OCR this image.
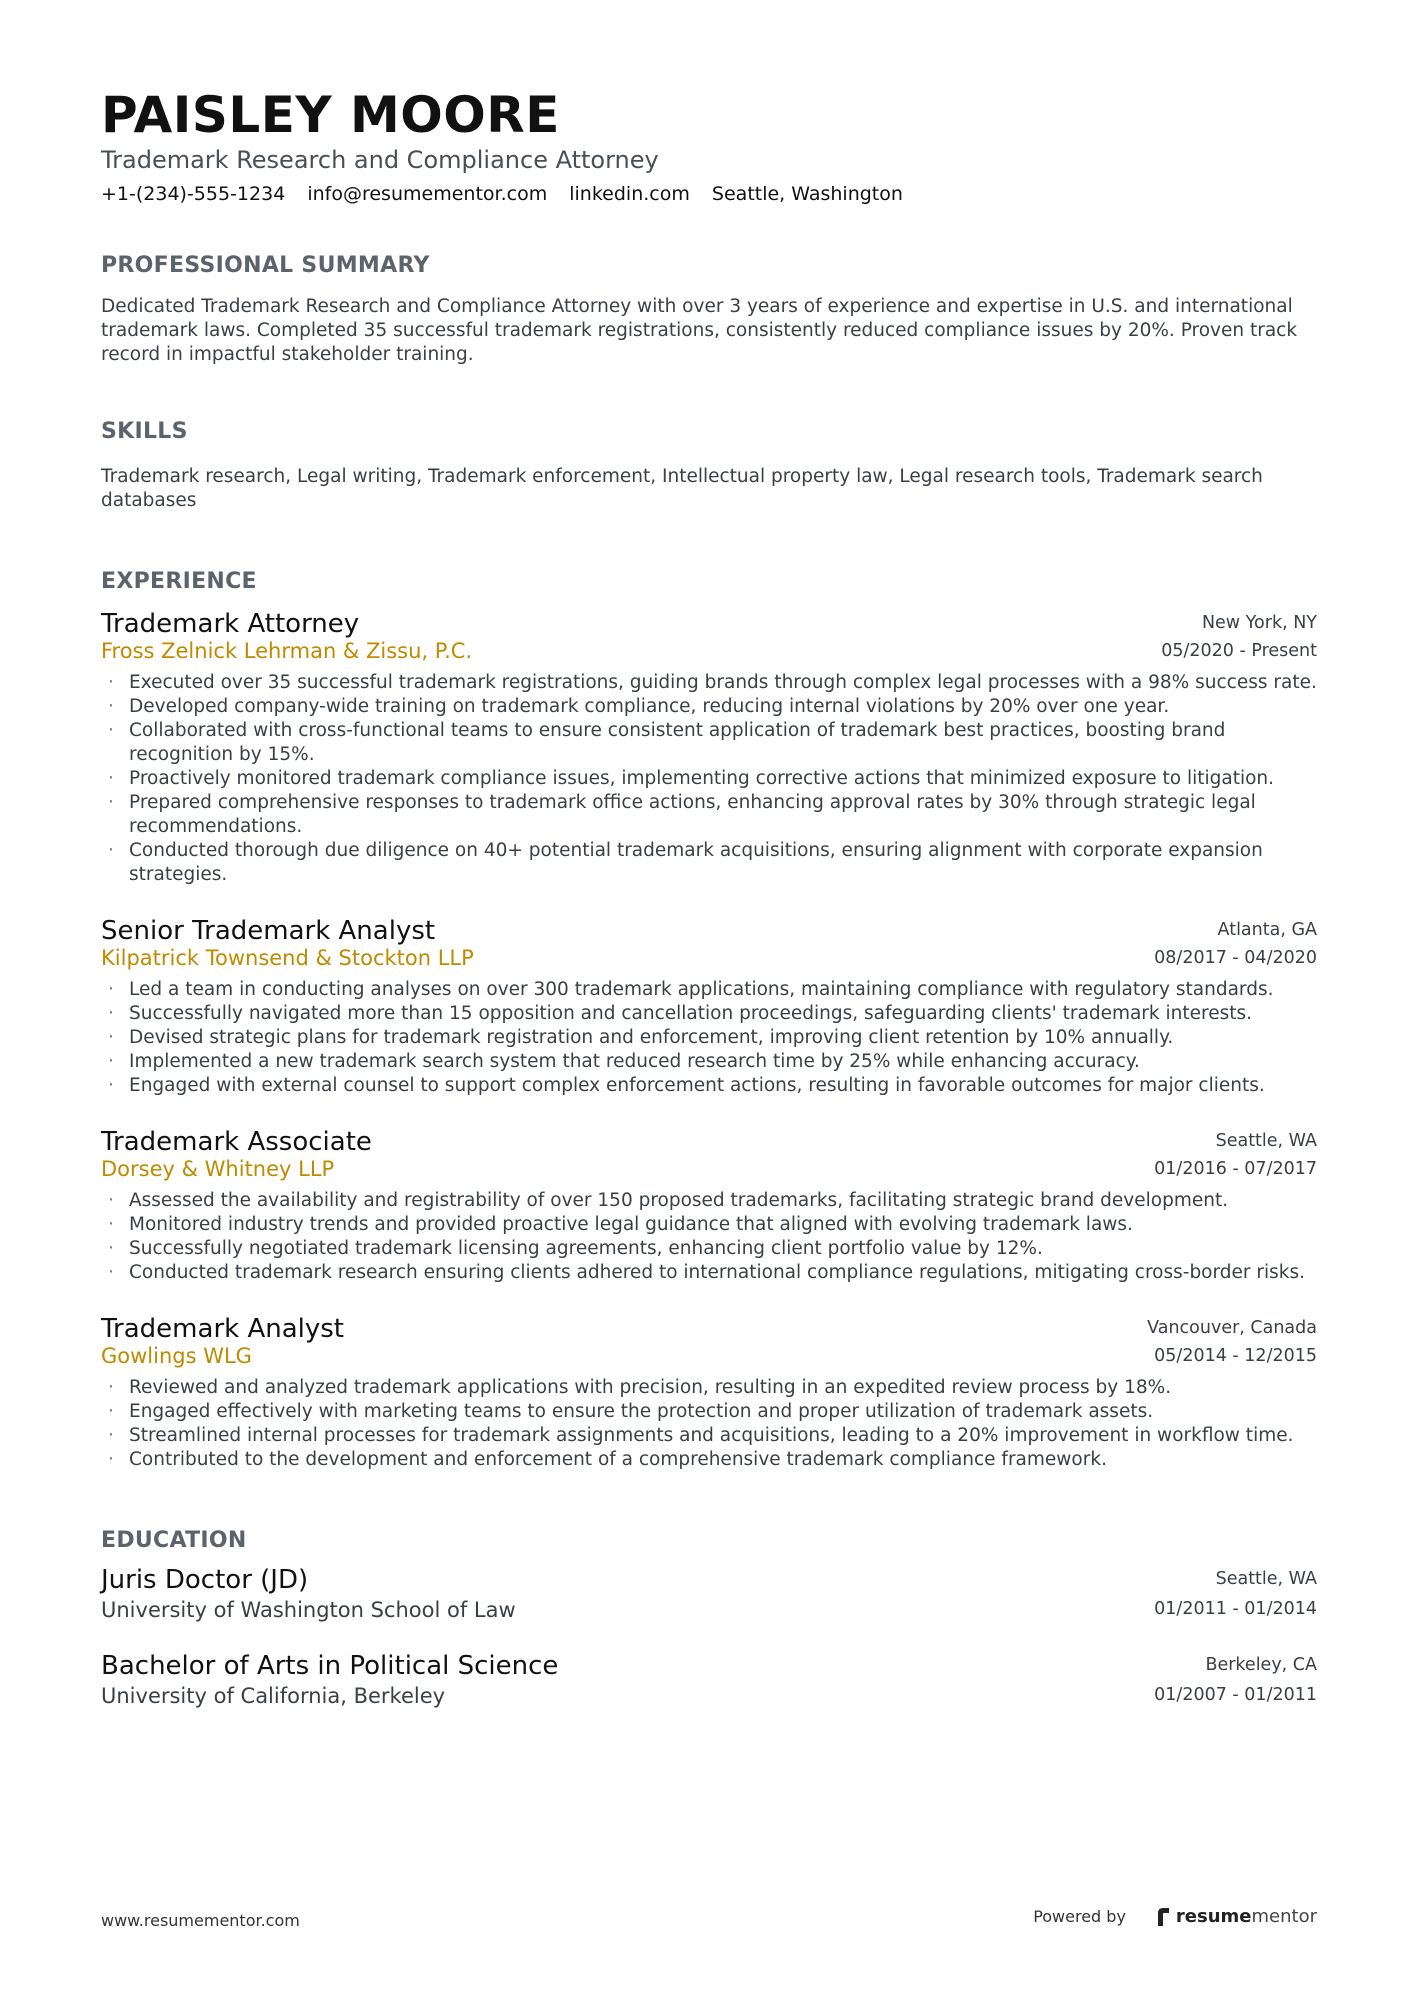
PAISLEY MOORE
Trademark Research and Compliance Attorney
+1-(234)-555-1234 info@resumementor.com linkedin.com Seattle, Washington
PROFESSIONAL SUMMARY
Dedicated Trademark Research and Compliance Attorney with over 3 years of experience and expertise in U.S. and international trademark laws. Completed 35 successful trademark registrations, consistently reduced compliance issues by 20%. Proven track record in impactful stakeholder training.
SKILLS
Trademark research, Legal writing, Trademark enforcement, Intellectual property law, Legal research tools, Trademark search databases
EXPERIENCE
Trademark Attorney	New York, NY
Fross Zelnick Lehrman & Zissu, P.C.	05/2020 - Present
· Executed over 35 successful trademark registrations, guiding brands through complex legal processes with a 98% success rate.
· Developed company-wide training on trademark compliance, reducing internal violations by 20% over one year.
· Collaborated with cross-functional teams to ensure consistent application of trademark best practices, boosting brand recognition by 15%.
· Proactively monitored trademark compliance issues, implementing corrective actions that minimized exposure to litigation.
· Prepared comprehensive responses to trademark office actions, enhancing approval rates by 30% through strategic legal recommendations.
· Conducted thorough due diligence on 40+ potential trademark acquisitions, ensuring alignment with corporate expansion strategies.
Senior Trademark Analyst	Atlanta, GA
Kilpatrick Townsend & Stockton LLP	08/2017 - 04/2020
· Led a team in conducting analyses on over 300 trademark applications, maintaining compliance with regulatory standards.
· Successfully navigated more than 15 opposition and cancellation proceedings, safeguarding clients' trademark interests.
· Devised strategic plans for trademark registration and enforcement, improving client retention by 10% annually.
· Implemented a new trademark search system that reduced research time by 25% while enhancing accuracy.
· Engaged with external counsel to support complex enforcement actions, resulting in favorable outcomes for major clients.
Trademark Associate	Seattle, WA
Dorsey & Whitney LLP	01/2016 - 07/2017
· Assessed the availability and registrability of over 150 proposed trademarks, facilitating strategic brand development.
· Monitored industry trends and provided proactive legal guidance that aligned with evolving trademark laws.
· Successfully negotiated trademark licensing agreements, enhancing client portfolio value by 12%.
· Conducted trademark research ensuring clients adhered to international compliance regulations, mitigating cross-border risks.
Trademark Analyst	Vancouver, Canada
Gowlings WLG	05/2014 - 12/2015
· Reviewed and analyzed trademark applications with precision, resulting in an expedited review process by 18%.
· Engaged effectively with marketing teams to ensure the protection and proper utilization of trademark assets.
· Streamlined internal processes for trademark assignments and acquisitions, leading to a 20% improvement in workflow time.
· Contributed to the development and enforcement of a comprehensive trademark compliance framework.
EDUCATION
Juris Doctor (JD)	Seattle, WA
University of Washington School of Law	01/2011 - 01/2014
Bachelor of Arts in Political Science	Berkeley, CA
University of California, Berkeley	01/2007 - 01/2011
www.resumementor.com	Powered by	resume mentor
